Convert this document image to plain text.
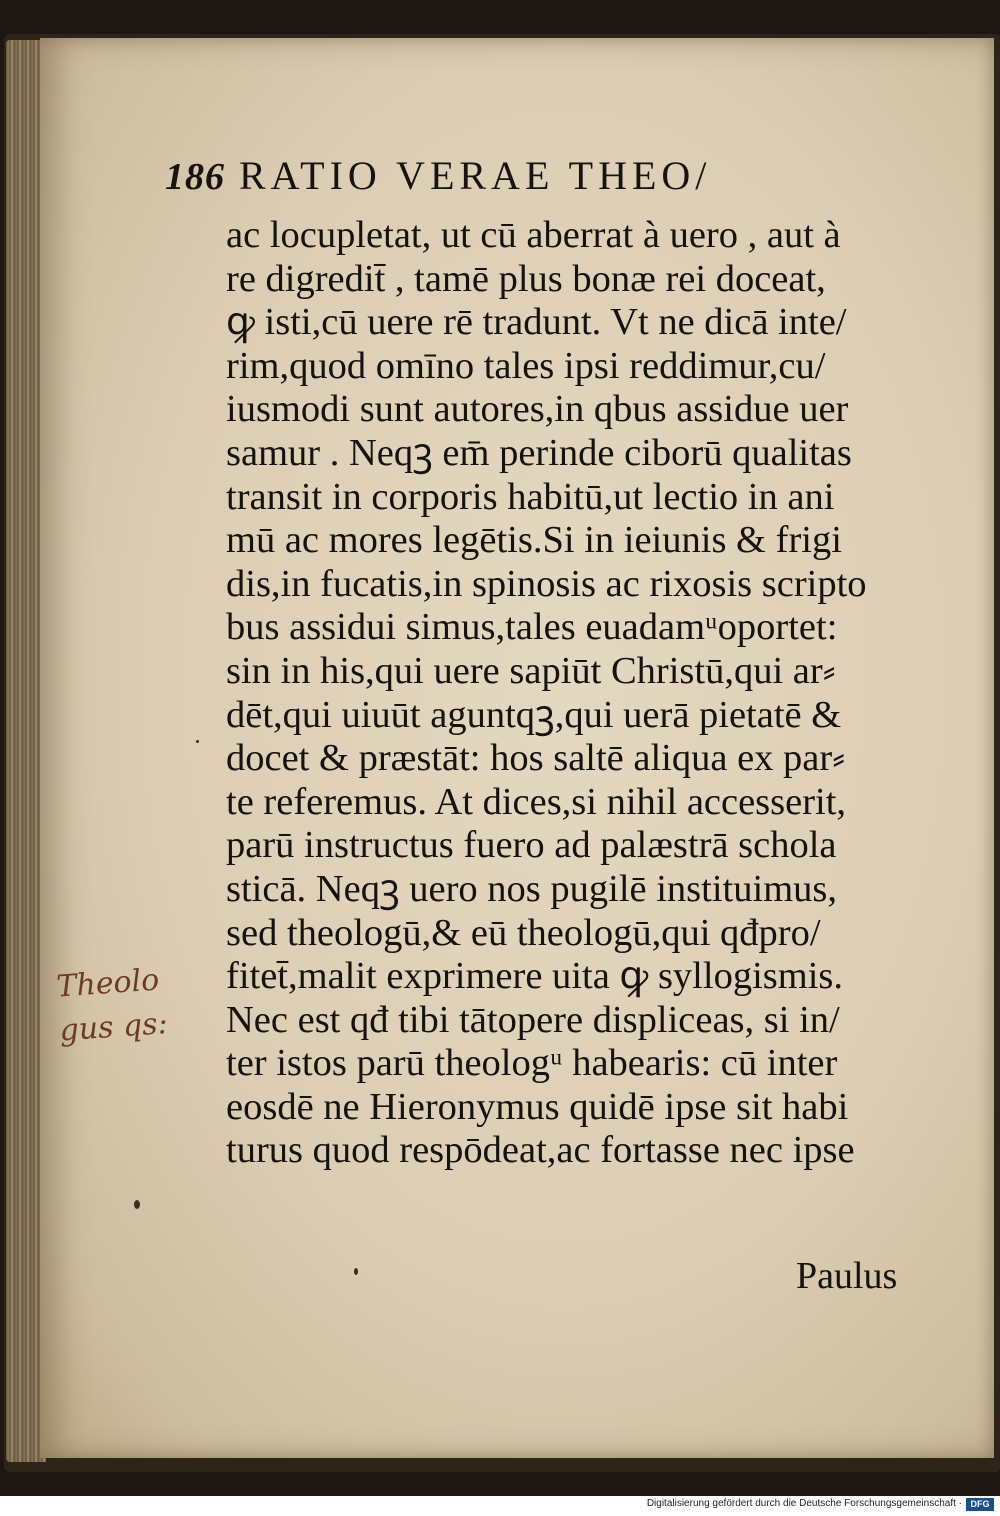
186 RATIO VERAE THEO/
ac locupletat, ut cū aberrat à uero , aut à
re digredit̄ , tamē plus bonæ rei doceat,
ꝙ isti,cū uere rē tradunt. Vt ne dicā inte/
rim,quod omīno tales ipsi reddimur,cu/
iusmodi sunt autores,in qbus assidue uer
samur . Neqꝫ em̄ perinde ciborū qualitas
transit in corporis habitū,ut lectio in ani
mū ac mores legētis.Si in ieiunis & frigi
dis,in fucatis,in spinosis ac rixosis scripto
bus assidui simus,tales euadamᵘoportet:
sin in his,qui uere sapiūt Christū,qui ar⸗
dēt,qui uiuūt aguntqꝫ,qui uerā pietatē &
docet & præstāt: hos saltē aliqua ex par⸗
te referemus. At dices,si nihil accesserit,
parū instructus fuero ad palæstrā schola
sticā. Neqꝫ uero nos pugilē instituimus,
sed theologū,& eū theologū,qui qđpro/
fitet̄,malit exprimere uita ꝙ syllogismis.
Nec est qđ tibi tātopere displiceas, si in/
ter istos parū theologᵘ habearis: cū inter
eosdē ne Hieronymus quidē ipse sit habi
turus quod respōdeat,ac fortasse nec ipse
Paulus
Theolo
gus qs:
Digitalisierung gefördert durch die Deutsche Forschungsgemeinschaft · DFG
